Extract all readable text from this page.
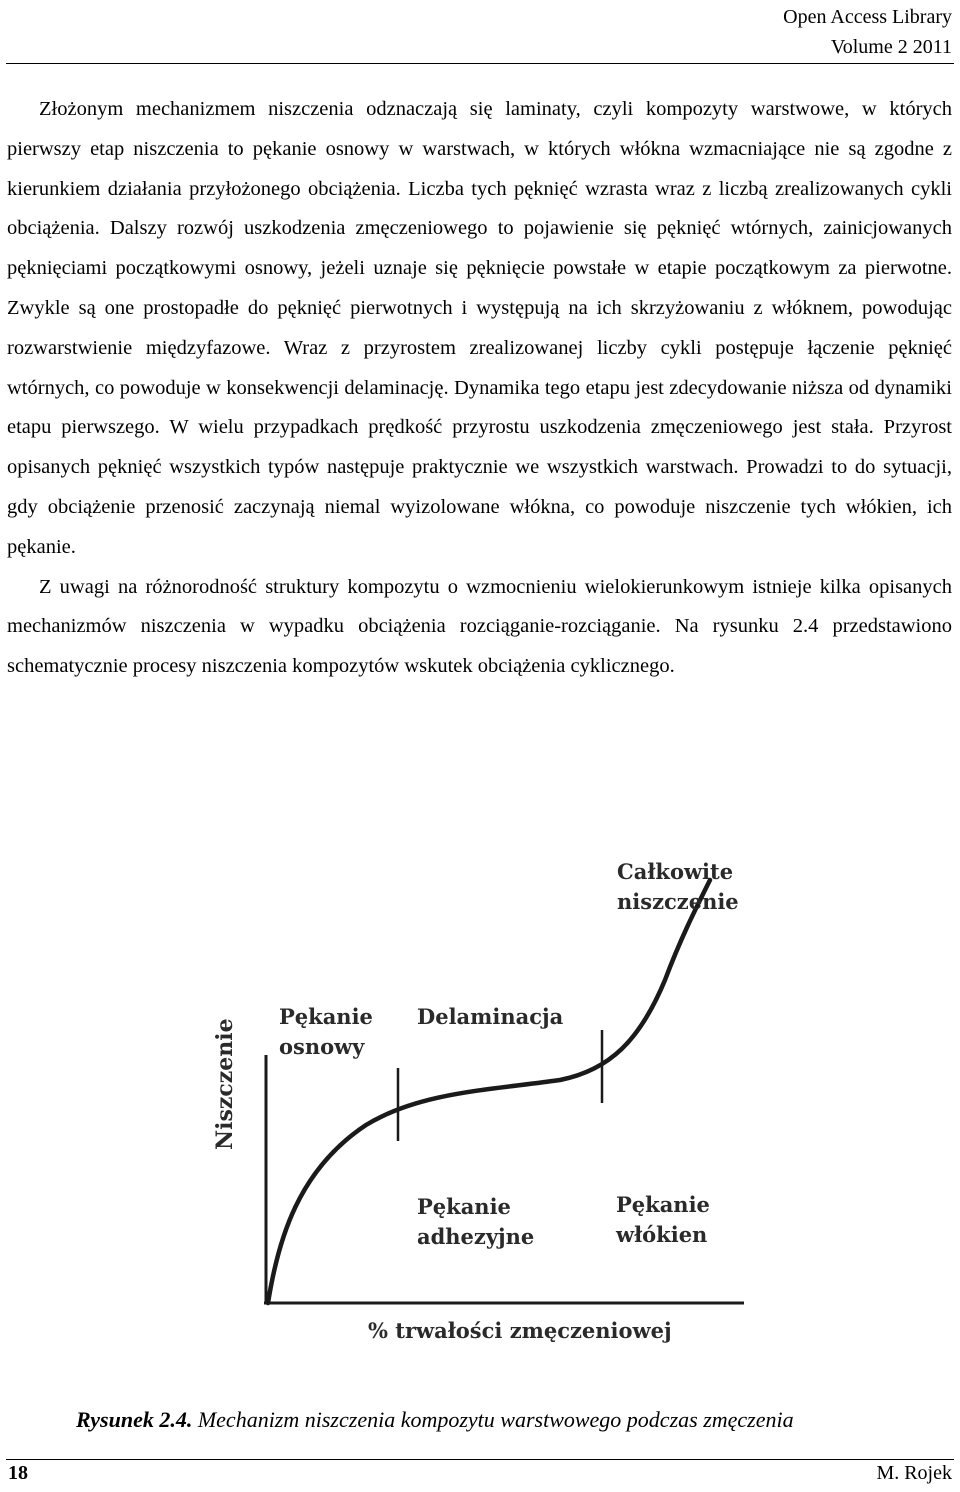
Open Access Library
Volume 2 2011

Złożonym mechanizmem niszczenia odznaczają się laminaty, czyli kompozyty warstwowe, w których pierwszy etap niszczenia to pękanie osnowy w warstwach, w których włókna wzmacniające nie są zgodne z kierunkiem działania przyłożonego obciążenia. Liczba tych pęknięć wzrasta wraz z liczbą zrealizowanych cykli obciążenia. Dalszy rozwój uszkodzenia zmęczeniowego to pojawienie się pęknięć wtórnych, zainicjowanych pęknięciami początkowymi osnowy, jeżeli uznaje się pęknięcie powstałe w etapie początkowym za pierwotne. Zwykle są one prostopadłe do pęknięć pierwotnych i występują na ich skrzyżowaniu z włóknem, powodując rozwarstwienie międzyfazowe. Wraz z przyrostem zrealizowanej liczby cykli postępuje łączenie pęknięć wtórnych, co powoduje w konsekwencji delaminację. Dynamika tego etapu jest zdecydowanie niższa od dynamiki etapu pierwszego. W wielu przypadkach prędkość przyrostu uszkodzenia zmęczeniowego jest stała. Przyrost opisanych pęknięć wszystkich typów następuje praktycznie we wszystkich warstwach. Prowadzi to do sytuacji, gdy obciążenie przenosić zaczynają niemal wyizolowane włókna, co powoduje niszczenie tych włókien, ich pękanie.

Z uwagi na różnorodność struktury kompozytu o wzmocnieniu wielokierunkowym istnieje kilka opisanych mechanizmów niszczenia w wypadku obciążenia rozciąganie-rozciąganie. Na rysunku 2.4 przedstawiono schematycznie procesy niszczenia kompozytów wskutek obciążenia cyklicznego.

Całkowite
niszczenie
Pękanie
osnowy
Delaminacja
Pękanie
adhezyjne
Pękanie
włókien
Niszczenie
% trwałości zmęczeniowej
Rysunek 2.4. Mechanizm niszczenia kompozytu warstwowego podczas zmęczenia
18	M. Rojek
